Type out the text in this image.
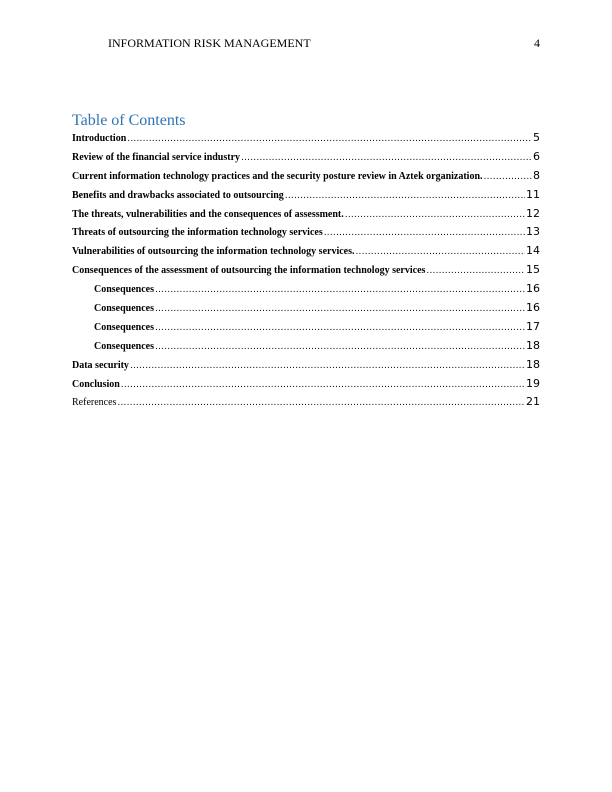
INFORMATION RISK MANAGEMENT	4
Table of Contents
Introduction .....	5
Review of the financial service industry .....	6
Current information technology practices and the security posture review in Aztek organization. .....	8
Benefits and drawbacks associated to outsourcing .....	11
The threats, vulnerabilities and the consequences of assessment. .....	12
Threats of outsourcing the information technology services .....	13
Vulnerabilities of outsourcing the information technology services. .....	14
Consequences of the assessment of outsourcing the information technology services .....	15
Consequences .....	16
Consequences .....	16
Consequences .....	17
Consequences .....	18
Data security .....	18
Conclusion .....	19
References .....	21
